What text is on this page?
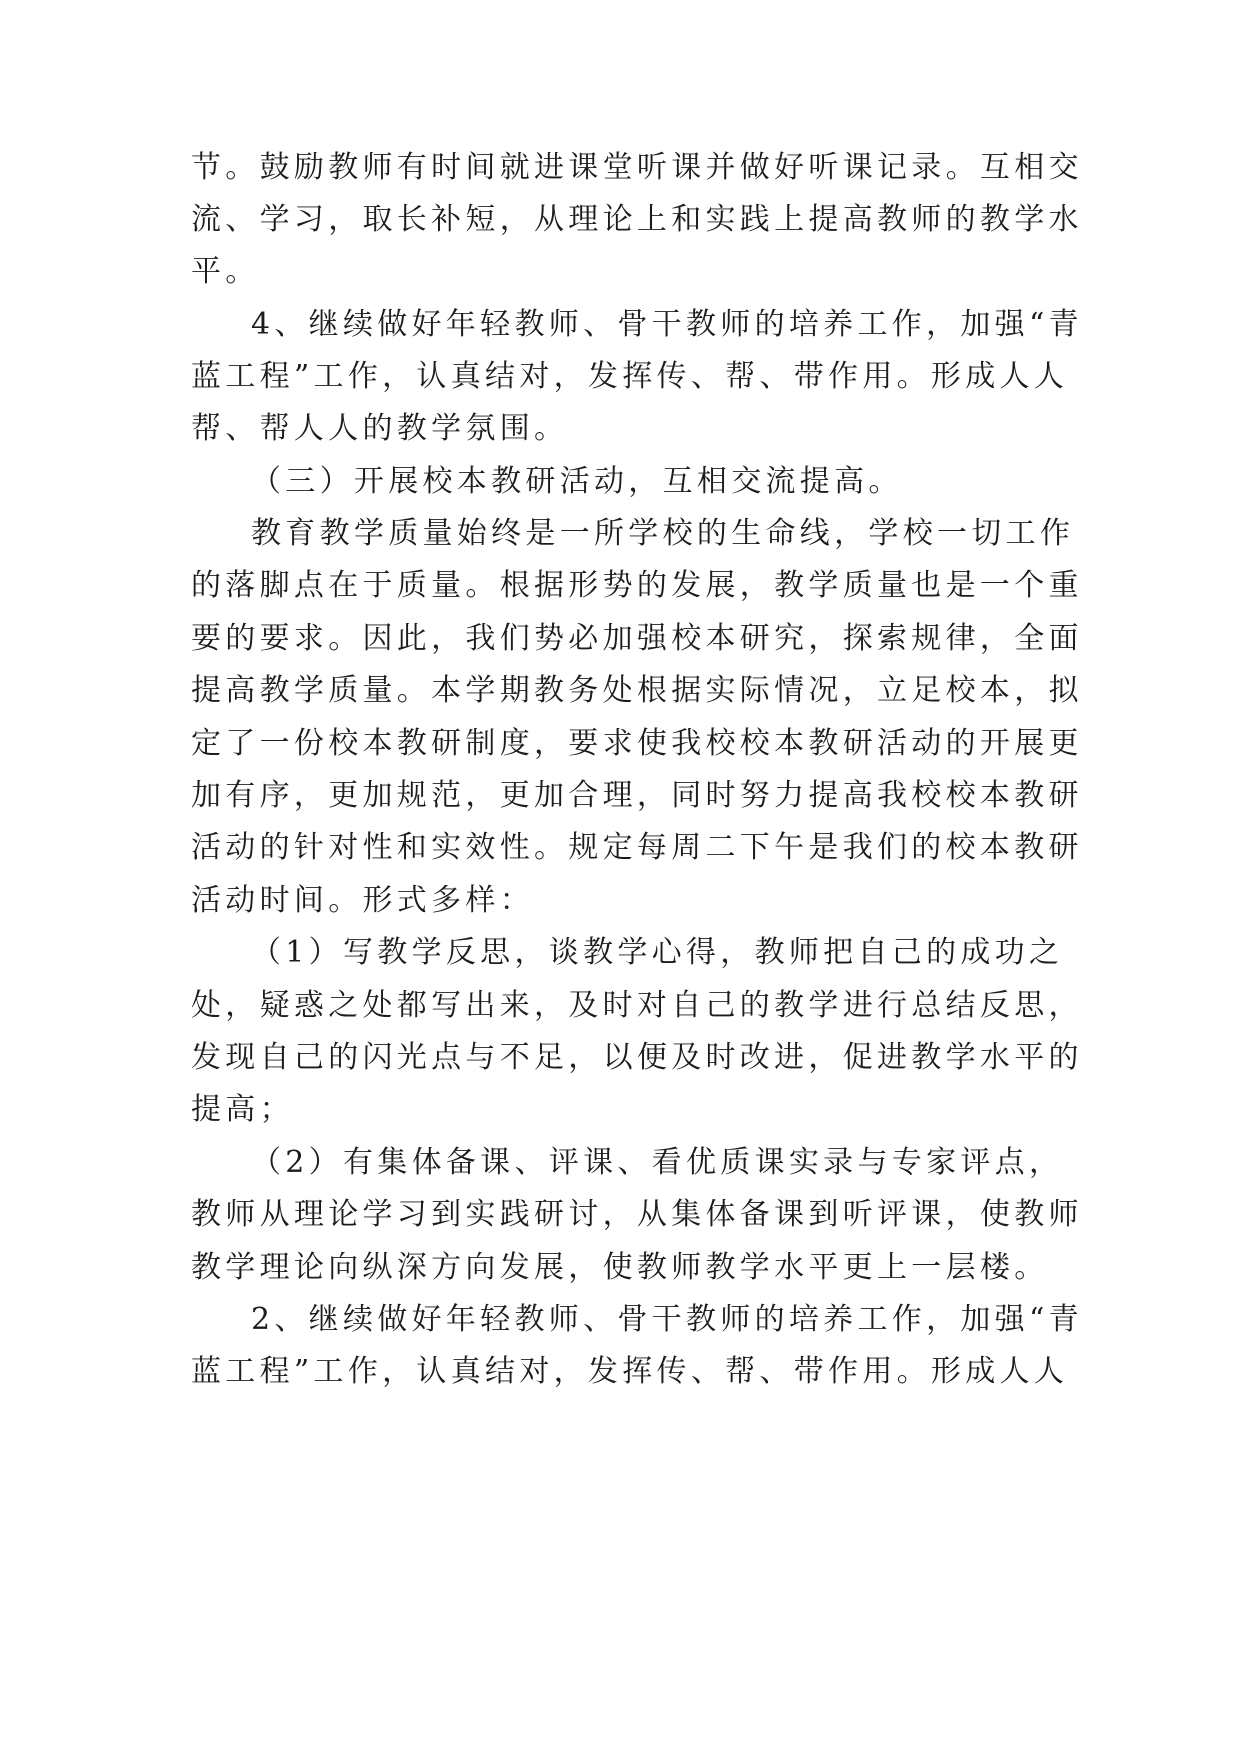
节。鼓励教师有时间就进课堂听课并做好听课记录。互相交
流、学习，取长补短，从理论上和实践上提高教师的教学水
平。
4、继续做好年轻教师、骨干教师的培养工作，加强“青
蓝工程”工作，认真结对，发挥传、帮、带作用。形成人人
帮、帮人人的教学氛围。
（三）开展校本教研活动，互相交流提高。
教育教学质量始终是一所学校的生命线，学校一切工作
的落脚点在于质量。根据形势的发展，教学质量也是一个重
要的要求。因此，我们势必加强校本研究，探索规律，全面
提高教学质量。本学期教务处根据实际情况，立足校本，拟
定了一份校本教研制度，要求使我校校本教研活动的开展更
加有序，更加规范，更加合理，同时努力提高我校校本教研
活动的针对性和实效性。规定每周二下午是我们的校本教研
活动时间。形式多样：
（1）写教学反思，谈教学心得，教师把自己的成功之
处，疑惑之处都写出来，及时对自己的教学进行总结反思，
发现自己的闪光点与不足，以便及时改进，促进教学水平的
提高；
（2）有集体备课、评课、看优质课实录与专家评点，
教师从理论学习到实践研讨，从集体备课到听评课，使教师
教学理论向纵深方向发展，使教师教学水平更上一层楼。
2、继续做好年轻教师、骨干教师的培养工作，加强“青
蓝工程”工作，认真结对，发挥传、帮、带作用。形成人人
